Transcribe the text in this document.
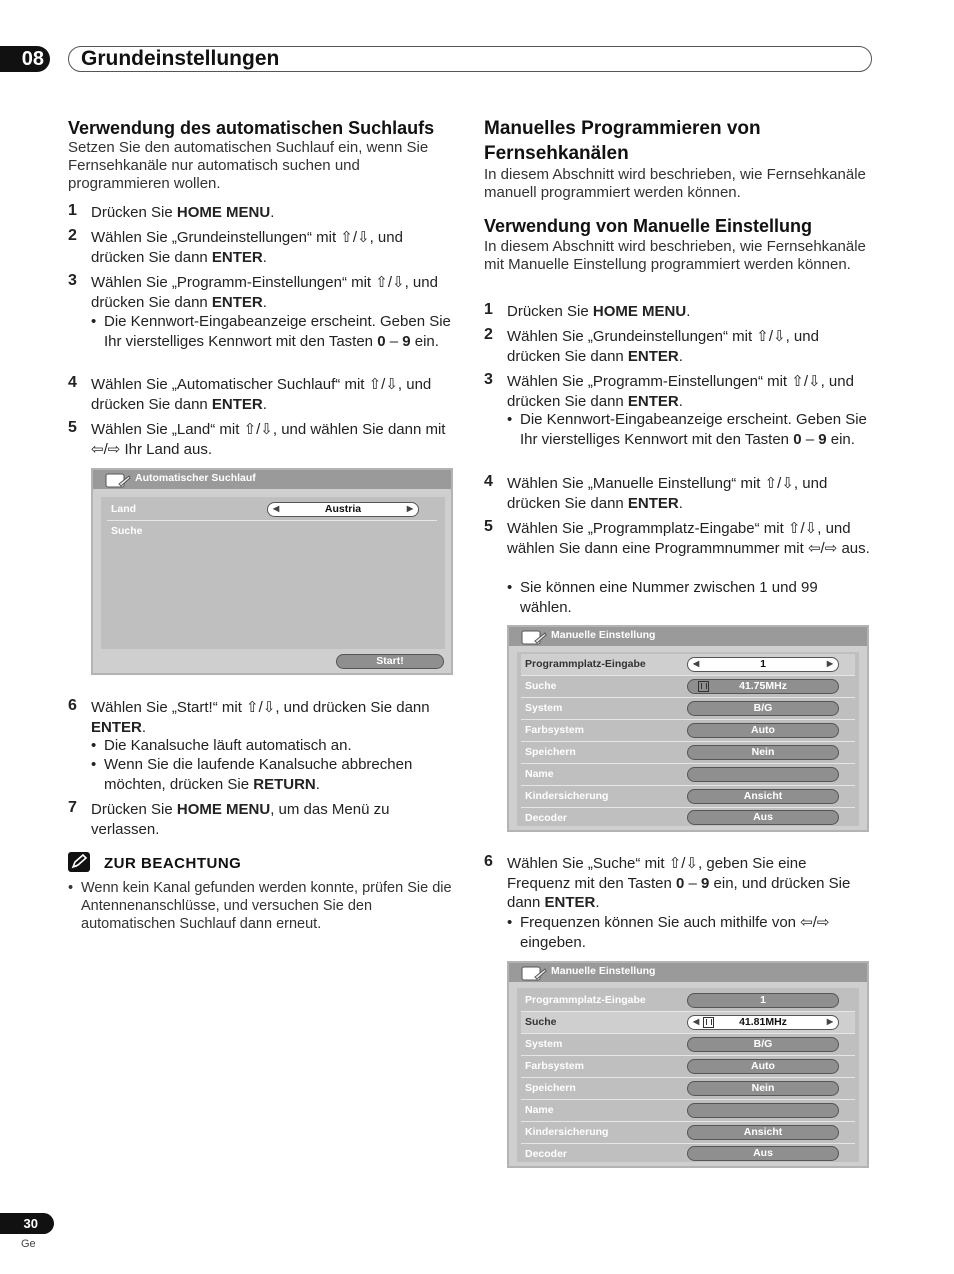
08 Grundeinstellungen
Verwendung des automatischen Suchlaufs

Setzen Sie den automatischen Suchlauf ein, wenn Sie Fernsehkanäle nur automatisch suchen und programmieren wollen.

1 Drücken Sie HOME MENU.
2 Wählen Sie „Grundeinstellungen“ mit ⇧/⇩, und drücken Sie dann ENTER.
3 Wählen Sie „Programm-Einstellungen“ mit ⇧/⇩, und drücken Sie dann ENTER.
• Die Kennwort-Eingabeanzeige erscheint. Geben Sie Ihr vierstelliges Kennwort mit den Tasten 0 – 9 ein.
4 Wählen Sie „Automatischer Suchlauf“ mit ⇧/⇩, und drücken Sie dann ENTER.
5 Wählen Sie „Land“ mit ⇧/⇩, und wählen Sie dann mit ⇦/⇨ Ihr Land aus.
Automatischer Suchlauf
Land	◀	Austria	▶
Suche
Start!
6 Wählen Sie „Start!“ mit ⇧/⇩, und drücken Sie dann ENTER.
• Die Kanalsuche läuft automatisch an.
• Wenn Sie die laufende Kanalsuche abbrechen möchten, drücken Sie RETURN.
7 Drücken Sie HOME MENU, um das Menü zu verlassen.
ZUR BEACHTUNG
• Wenn kein Kanal gefunden werden konnte, prüfen Sie die Antennenanschlüsse, und versuchen Sie den automatischen Suchlauf dann erneut.
Manuelles Programmieren von Fernsehkanälen

In diesem Abschnitt wird beschrieben, wie Fernsehkanäle manuell programmiert werden können.

Verwendung von Manuelle Einstellung

In diesem Abschnitt wird beschrieben, wie Fernsehkanäle mit Manuelle Einstellung programmiert werden können.

1 Drücken Sie HOME MENU.
2 Wählen Sie „Grundeinstellungen“ mit ⇧/⇩, und drücken Sie dann ENTER.
3 Wählen Sie „Programm-Einstellungen“ mit ⇧/⇩, und drücken Sie dann ENTER.
• Die Kennwort-Eingabeanzeige erscheint. Geben Sie Ihr vierstelliges Kennwort mit den Tasten 0 – 9 ein.
4 Wählen Sie „Manuelle Einstellung“ mit ⇧/⇩, und drücken Sie dann ENTER.
5 Wählen Sie „Programmplatz-Eingabe“ mit ⇧/⇩, und wählen Sie dann eine Programmnummer mit ⇦/⇨ aus.
• Sie können eine Nummer zwischen 1 und 99 wählen.
Manuelle Einstellung
Programmplatz-Eingabe	◀	1	▶
Suche	41.75MHz
System	B/G
Farbsystem	Auto
Speichern	Nein
Name
Kindersicherung	Ansicht
Decoder	Aus
6 Wählen Sie „Suche“ mit ⇧/⇩, geben Sie eine Frequenz mit den Tasten 0 – 9 ein, und drücken Sie dann ENTER.
• Frequenzen können Sie auch mithilfe von ⇦/⇨ eingeben.
Manuelle Einstellung
Programmplatz-Eingabe	1
Suche	◀	41.81MHz	▶
System	B/G
Farbsystem	Auto
Speichern	Nein
Name
Kindersicherung	Ansicht
Decoder	Aus
30
Ge
